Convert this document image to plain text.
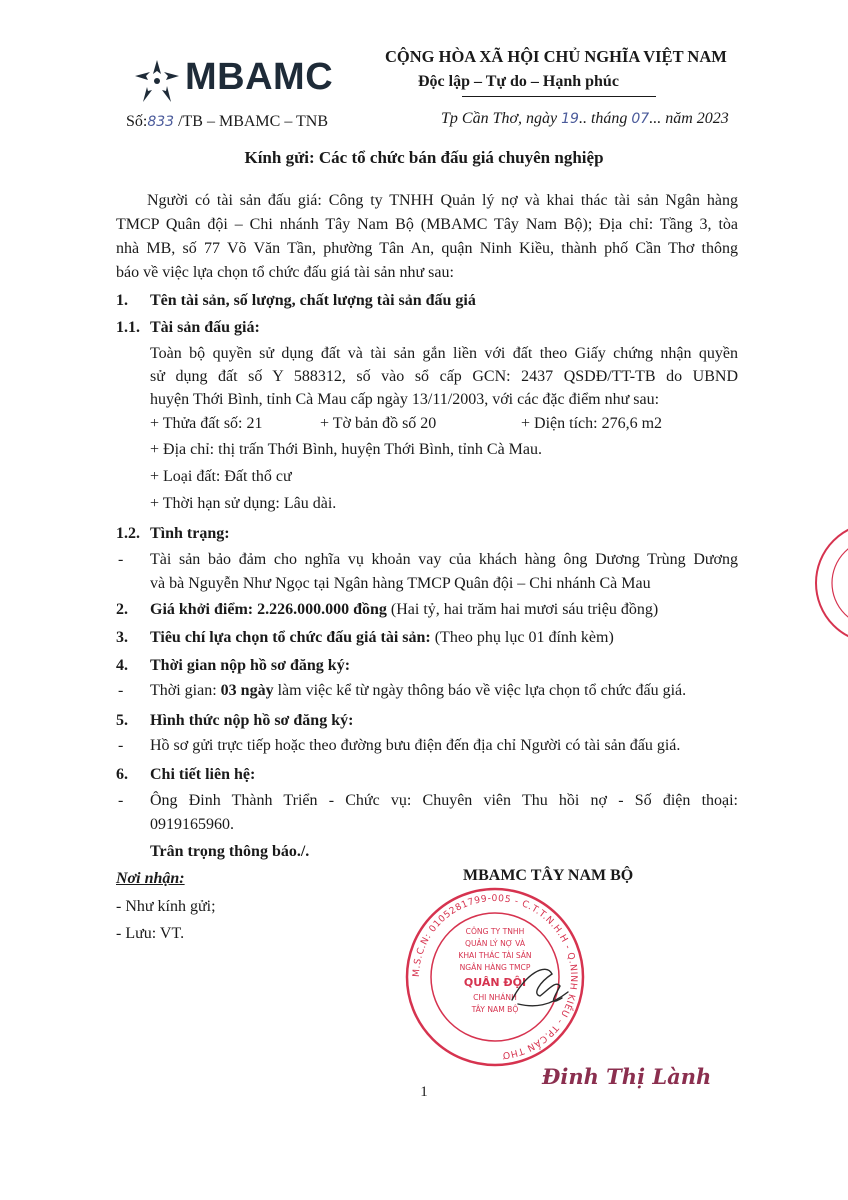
MBAMC
Số:833 /TB – MBAMC – TNB
CỘNG HÒA XÃ HỘI CHỦ NGHĨA VIỆT NAM
Độc lập – Tự do – Hạnh phúc
Tp Cần Thơ, ngày 19.. tháng 07... năm 2023
Kính gửi: Các tổ chức bán đấu giá chuyên nghiệp
Người có tài sản đấu giá: Công ty TNHH Quản lý nợ và khai thác tài sản Ngân hàng
TMCP Quân đội – Chi nhánh Tây Nam Bộ (MBAMC Tây Nam Bộ); Địa chỉ: Tầng 3, tòa
nhà MB, số 77 Võ Văn Tần, phường Tân An, quận Ninh Kiều, thành phố Cần Thơ thông
báo về việc lựa chọn tổ chức đấu giá tài sản như sau:
1. Tên tài sản, số lượng, chất lượng tài sản đấu giá
1.1. Tài sản đấu giá:
Toàn bộ quyền sử dụng đất và tài sản gắn liền với đất theo Giấy chứng nhận quyền
sử dụng đất số Y 588312, số vào sổ cấp GCN: 2437 QSDĐ/TT-TB do UBND
huyện Thới Bình, tỉnh Cà Mau cấp ngày 13/11/2003, với các đặc điểm như sau:
+ Thửa đất số: 21	+ Tờ bản đồ số 20	+ Diện tích: 276,6 m2
+ Địa chỉ: thị trấn Thới Bình, huyện Thới Bình, tỉnh Cà Mau.
+ Loại đất: Đất thổ cư
+ Thời hạn sử dụng: Lâu dài.
1.2. Tình trạng:
- Tài sản bảo đảm cho nghĩa vụ khoản vay của khách hàng ông Dương Trùng Dương
và bà Nguyễn Như Ngọc tại Ngân hàng TMCP Quân đội – Chi nhánh Cà Mau
2. Giá khởi điểm: 2.226.000.000 đồng (Hai tỷ, hai trăm hai mươi sáu triệu đồng)
3. Tiêu chí lựa chọn tổ chức đấu giá tài sản: (Theo phụ lục 01 đính kèm)
4. Thời gian nộp hồ sơ đăng ký:
- Thời gian: 03 ngày làm việc kể từ ngày thông báo về việc lựa chọn tổ chức đấu giá.
5. Hình thức nộp hồ sơ đăng ký:
- Hồ sơ gửi trực tiếp hoặc theo đường bưu điện đến địa chỉ Người có tài sản đấu giá.
6. Chi tiết liên hệ:
- Ông Đinh Thành Triển - Chức vụ: Chuyên viên Thu hồi nợ - Số điện thoại:
0919165960.
Trân trọng thông báo./.
MBAMC TÂY NAM BỘ
Nơi nhận:
- Như kính gửi;
- Lưu: VT.
M.S.C.N: 0105281799-005 - C.T.T.N.H.H - Q.NINH KIỀU - TP.CẦN THƠ
CÔNG TY TNHH
QUẢN LÝ NỢ VÀ
KHAI THÁC TÀI SẢN
NGÂN HÀNG TMCP
QUÂN ĐỘI
CHI NHÁNH
TÂY NAM BỘ
Đinh Thị Lành
1
